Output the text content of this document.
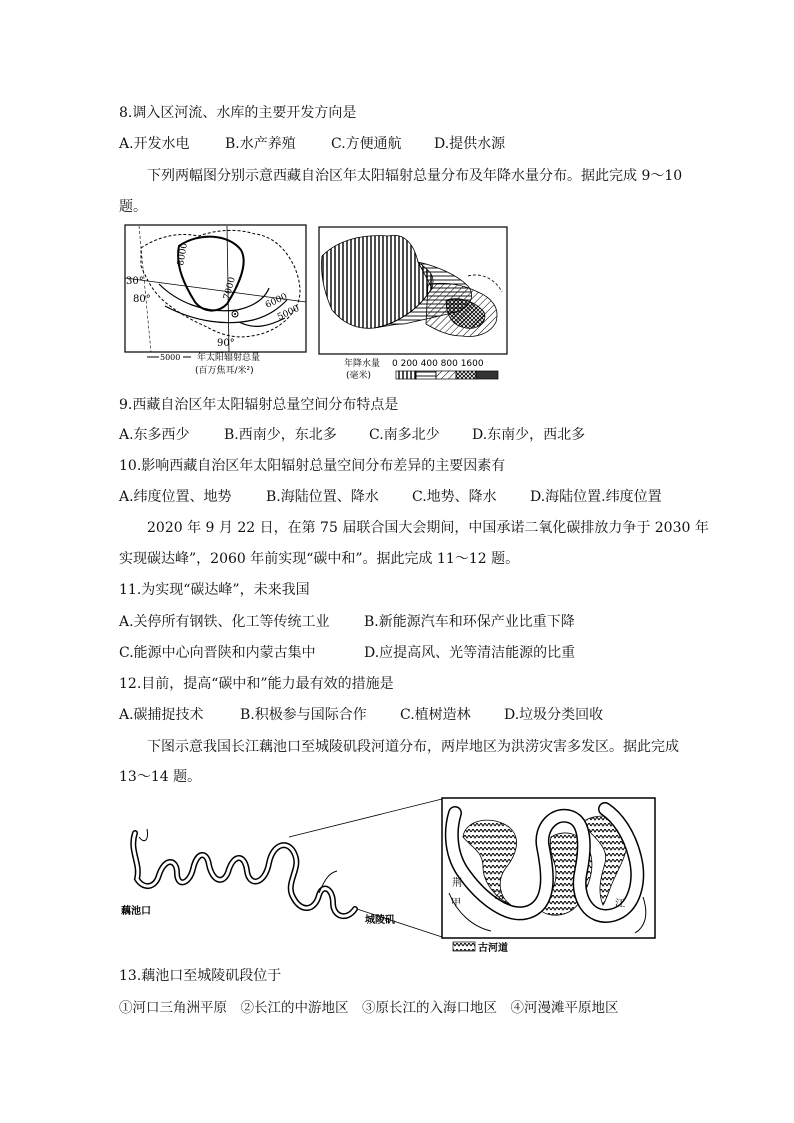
8.调入区河流、水库的主要开发方向是
A.开发水电	B.水产养殖	C.方便通航 D.提供水源
下列两幅图分别示意西藏自治区年太阳辐射总量分布及年降水量分布。据此完成 9～10
题。
8000
7000
6000
5000
30°
80°
90°
5000 年太阳辐射总量
(百万焦耳/米²)
年降水量
(毫米)
0 200 400 800 1600
9.西藏自治区年太阳辐射总量空间分布特点是
A.东多西少 B.西南少，东北多 C.南多北少 D.东南少，西北多
10.影响西藏自治区年太阳辐射总量空间分布差异的主要因素有
A.纬度位置、地势 B.海陆位置、降水 C.地势、降水 D.海陆位置.纬度位置
2020 年 9 月 22 日，在第 75 届联合国大会期间，中国承诺二氧化碳排放力争于 2030 年
实现碳达峰”，2060 年前实现“碳中和”。据此完成 11～12 题。
11.为实现“碳达峰”，未来我国
A.关停所有钢铁、化工等传统工业 B.新能源汽车和环保产业比重下降
C.能源中心向晋陕和内蒙古集中	D.应提高风、光等清洁能源的比重
12.目前，提高“碳中和”能力最有效的措施是
A.碳捕捉技术	B.积极参与国际合作 C.植树造林 D.垃圾分类回收
下图示意我国长江藕池口至城陵矶段河道分布，两岸地区为洪涝灾害多发区。据此完成
13～14 题。
藕池口
城陵矶
荆
江
甲
乙
古河道
13.藕池口至城陵矶段位于
①河口三角洲平原　②长江的中游地区　③原长江的入海口地区　④河漫滩平原地区
